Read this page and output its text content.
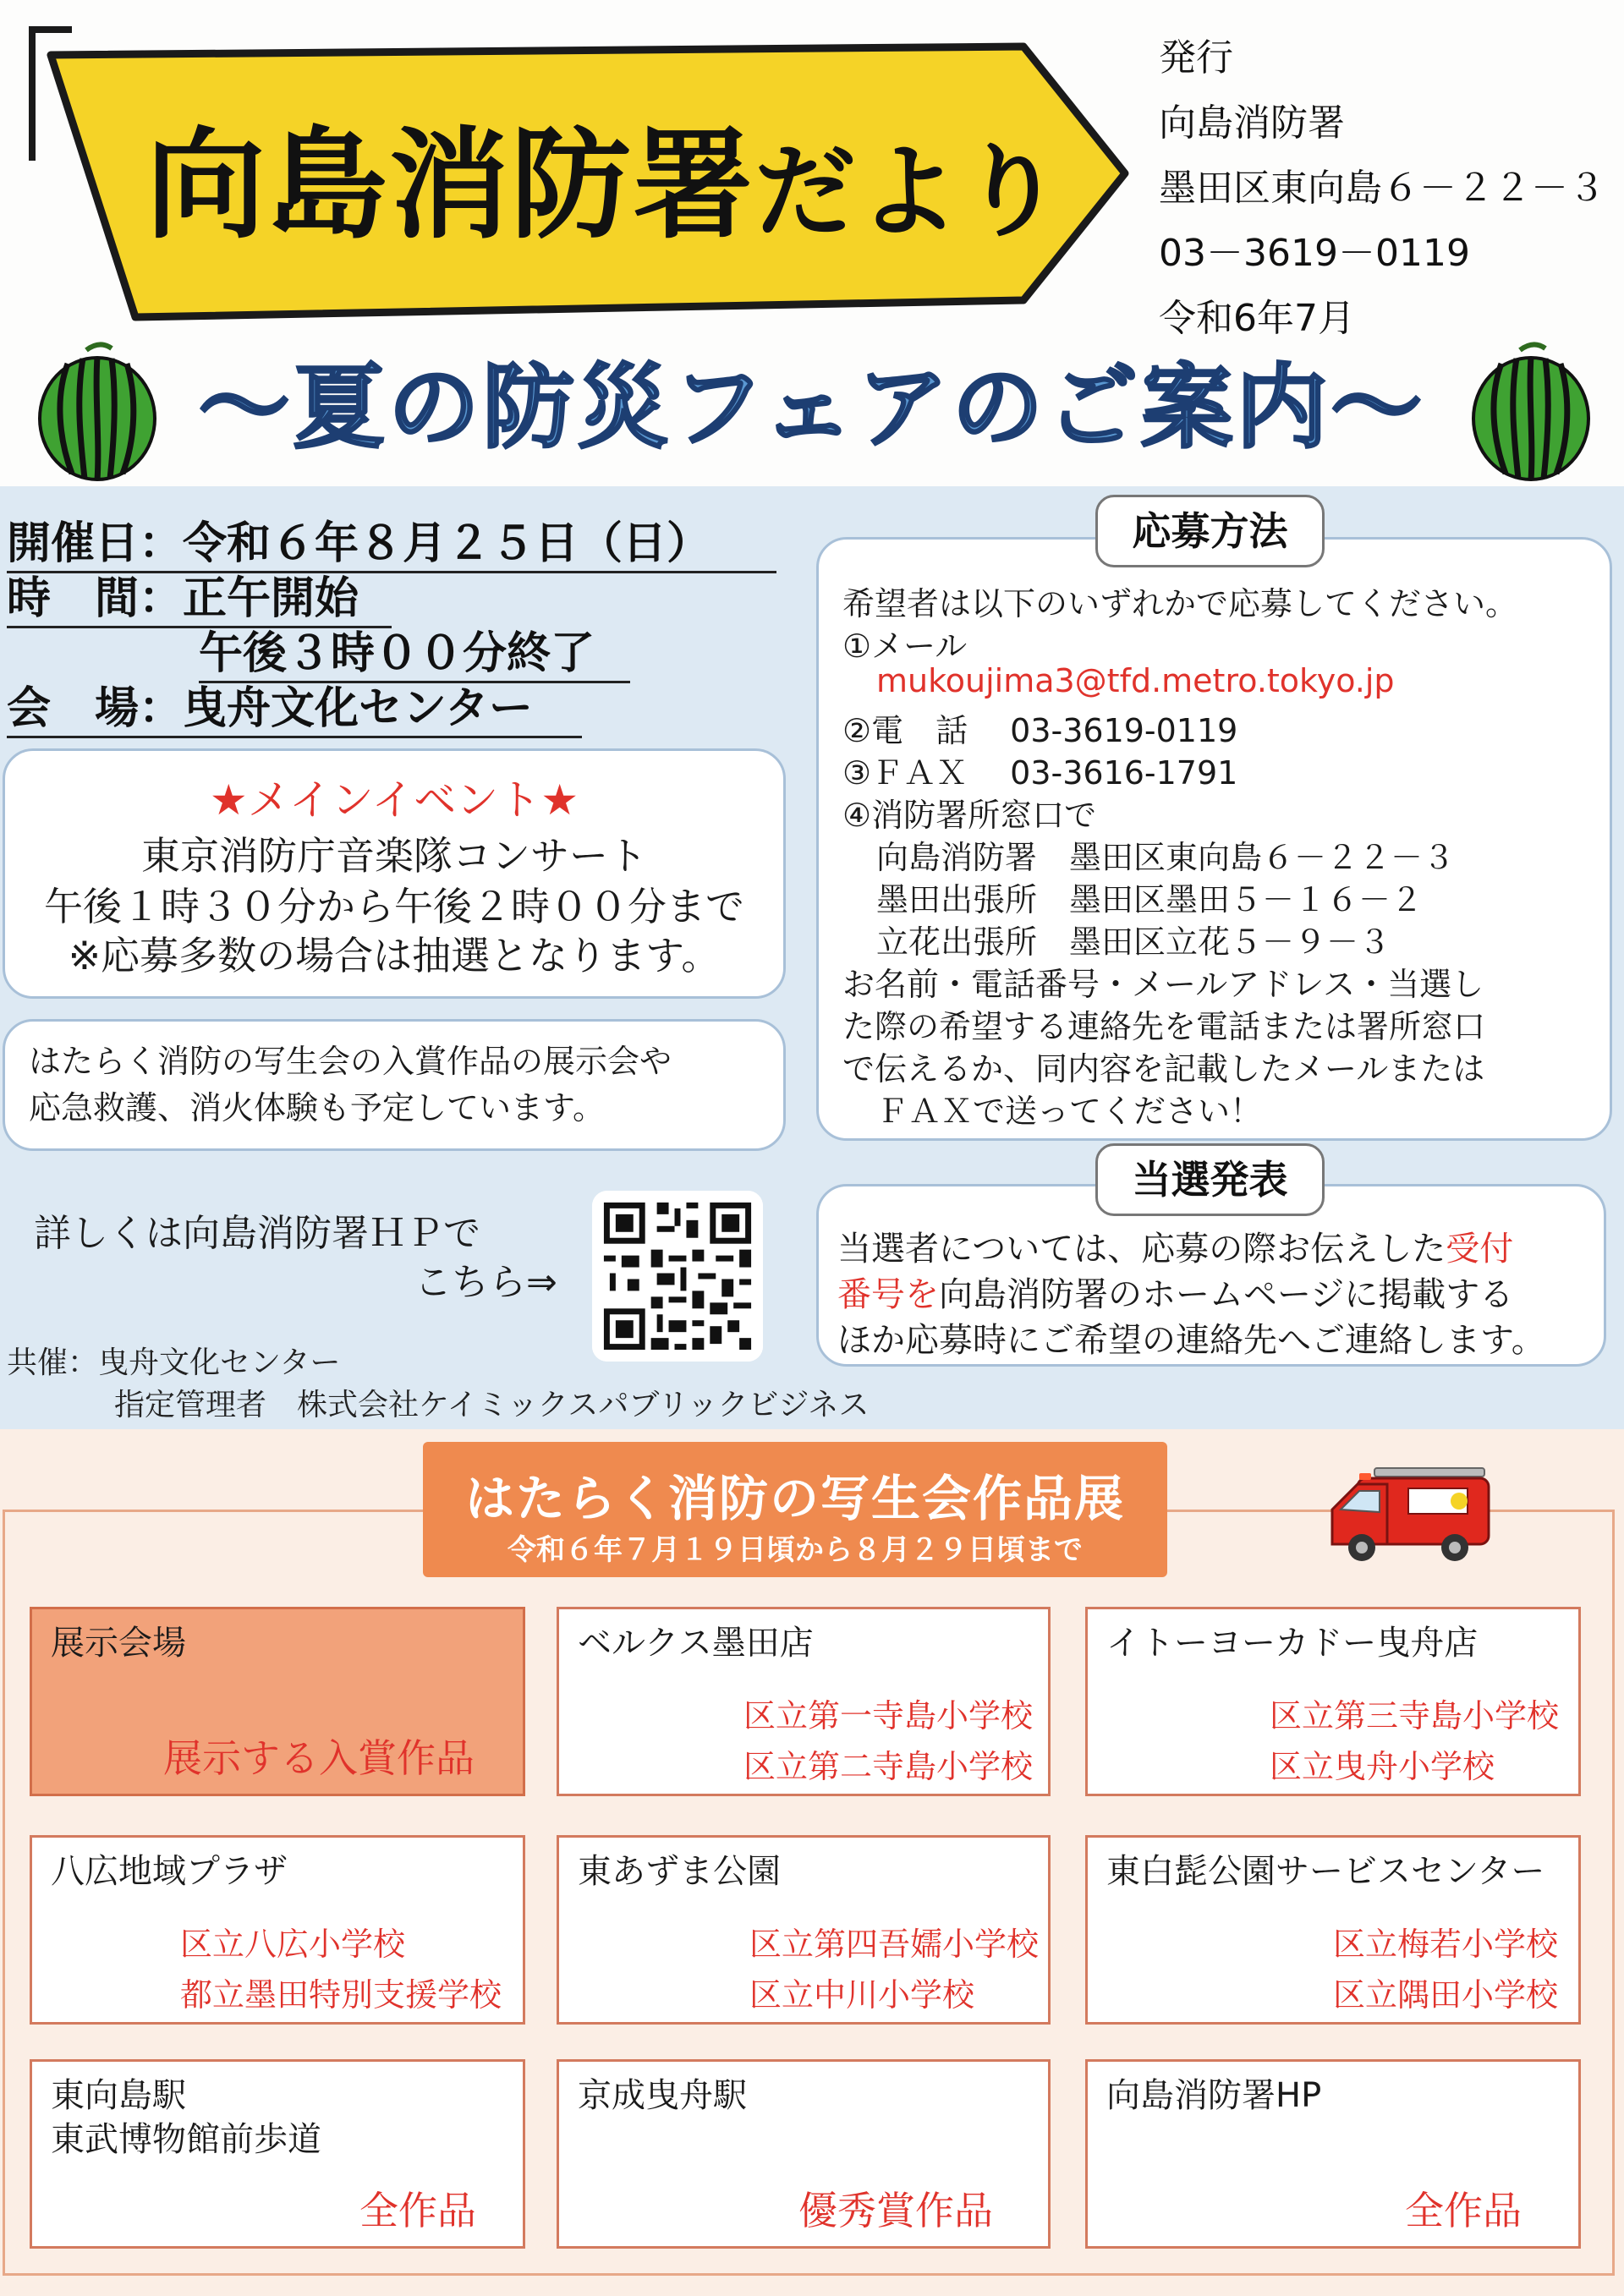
向島消防署だより
発行
向島消防署
墨田区東向島６－２２－３
03－3619－0119
令和6年7月
～夏の防災フェアのご案内～
開催日：令和６年８月２５日（日）
時　間：正午開始
午後３時００分終了
会　場：曳舟文化センター
★メインイベント★
東京消防庁音楽隊コンサート
午後１時３０分から午後２時００分まで
※応募多数の場合は抽選となります。
はたらく消防の写生会の入賞作品の展示会や
応急救護、消火体験も予定しています。
詳しくは向島消防署ＨＰで
こちら⇒
共催：曳舟文化センター
指定管理者　株式会社ケイミックスパブリックビジネス
希望者は以下のいずれかで応募してください。
①メール
mukoujima3@tfd.metro.tokyo.jp
②電　話　 03-3619-0119
③ＦＡＸ　 03-3616-1791
④消防署所窓口で
向島消防署　墨田区東向島６－２２－３
墨田出張所　墨田区墨田５－１６－２
立花出張所　墨田区立花５－９－３
お名前・電話番号・メールアドレス・当選し
た際の希望する連絡先を電話または署所窓口
で伝えるか、同内容を記載したメールまたは
ＦＡＸで送ってください！
応募方法
当選者については、応募の際お伝えした受付
番号を向島消防署のホームページに掲載する
ほか応募時にご希望の連絡先へご連絡します。
当選発表
はたらく消防の写生会作品展
令和６年７月１９日頃から８月２９日頃まで
展示会場
展示する入賞作品
ベルクス墨田店
区立第一寺島小学校
区立第二寺島小学校
イトーヨーカドー曳舟店
区立第三寺島小学校
区立曳舟小学校
八広地域プラザ
区立八広小学校
都立墨田特別支援学校
東あずま公園
区立第四吾嬬小学校
区立中川小学校
東白髭公園サービスセンター
区立梅若小学校
区立隅田小学校
東向島駅
東武博物館前歩道
全作品
京成曳舟駅
優秀賞作品
向島消防署HP
全作品
